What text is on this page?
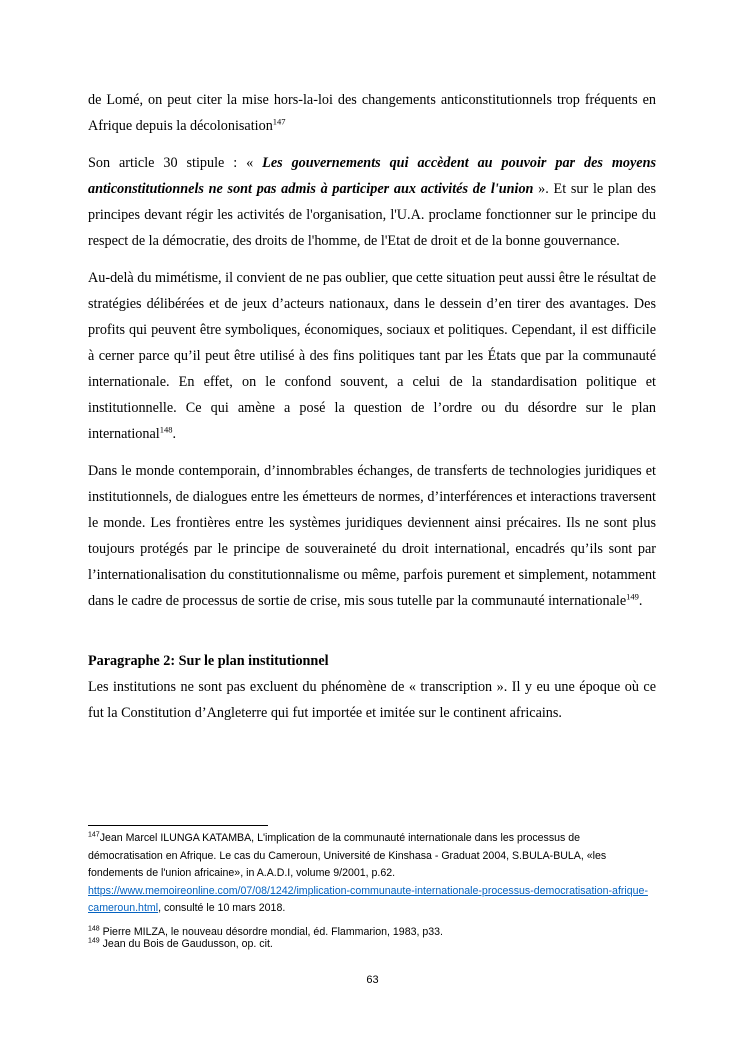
de Lomé, on peut citer la mise hors-la-loi des changements anticonstitutionnels trop fréquents en Afrique depuis la décolonisation$^{147}$

Son article 30 stipule : « Les gouvernements qui accèdent au pouvoir par des moyens anticonstitutionnels ne sont pas admis à participer aux activités de l'union ». Et sur le plan des principes devant régir les activités de l'organisation, l'U.A. proclame fonctionner sur le principe du respect de la démocratie, des droits de l'homme, de l'Etat de droit et de la bonne gouvernance.

Au-delà du mimétisme, il convient de ne pas oublier, que cette situation peut aussi être le résultat de stratégies délibérées et de jeux d’acteurs nationaux, dans le dessein d’en tirer des avantages. Des profits qui peuvent être symboliques, économiques, sociaux et politiques. Cependant, il est difficile à cerner parce qu’il peut être utilisé à des fins politiques tant par les États que par la communauté internationale. En effet, on le confond souvent, a celui de la standardisation politique et institutionnelle. Ce qui amène a posé la question de l’ordre ou du désordre sur le plan international$^{148}$.

Dans le monde contemporain, d’innombrables échanges, de transferts de technologies juridiques et institutionnels, de dialogues entre les émetteurs de normes, d’interférences et interactions traversent le monde. Les frontières entre les systèmes juridiques deviennent ainsi précaires. Ils ne sont plus toujours protégés par le principe de souveraineté du droit international, encadrés qu’ils sont par l’internationalisation du constitutionnalisme ou même, parfois purement et simplement, notamment dans le cadre de processus de sortie de crise, mis sous tutelle par la communauté internationale$^{149}$.

Paragraphe 2: Sur le plan institutionnel

Les institutions ne sont pas excluent du phénomène de « transcription ». Il y eu une époque où ce fut la Constitution d’Angleterre qui fut importée et imitée sur le continent africains.

$^{147}$Jean Marcel ILUNGA KATAMBA, L'implication de la communauté internationale dans les processus de démocratisation en Afrique. Le cas du Cameroun, Université de Kinshasa - Graduat 2004, S.BULA-BULA, «les fondements de l'union africaine», in A.A.D.I, volume 9/2001, p.62.
https://www.memoireonline.com/07/08/1242/implication-communaute-internationale-processus-democratisation-afrique-cameroun.html, consulté le 10 mars 2018.

$^{148}$ Pierre MILZA, le nouveau désordre mondial, éd. Flammarion, 1983, p33.

$^{149}$ Jean du Bois de Gaudusson, op. cit.

63
